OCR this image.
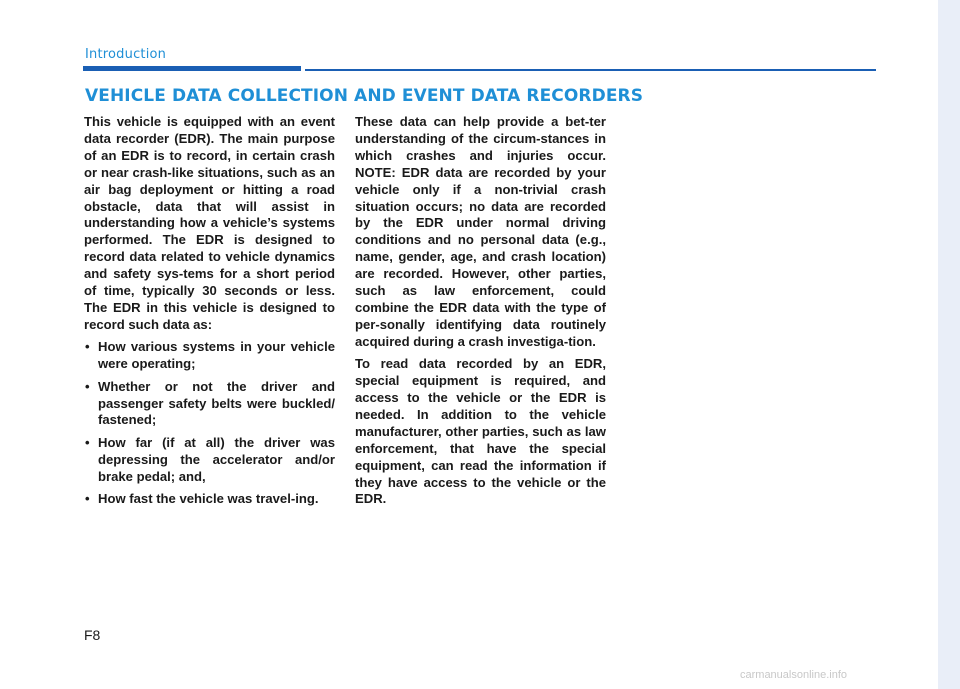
Introduction
VEHICLE DATA COLLECTION AND EVENT DATA RECORDERS

This vehicle is equipped with an event data recorder (EDR). The main purpose of an EDR is to record, in certain crash or near crash-like situations, such as an air bag deployment or hitting a road obstacle, data that will assist in understanding how a vehicle’s systems performed. The EDR is designed to record data related to vehicle dynamics and safety sys-tems for a short period of time, typically 30 seconds or less. The EDR in this vehicle is designed to record such data as:

• How various systems in your vehicle were operating;
• Whether or not the driver and passenger safety belts were buckled/ fastened;
• How far (if at all) the driver was depressing the accelerator and/or brake pedal; and,
• How fast the vehicle was travel-ing.

These data can help provide a bet-ter understanding of the circum-stances in which crashes and injuries occur. NOTE: EDR data are recorded by your vehicle only if a non-trivial crash situation occurs; no data are recorded by the EDR under normal driving conditions and no personal data (e.g., name, gender, age, and crash location) are recorded. However, other parties, such as law enforcement, could combine the EDR data with the type of per-sonally identifying data routinely acquired during a crash investiga-tion.

To read data recorded by an EDR, special equipment is required, and access to the vehicle or the EDR is needed. In addition to the vehicle manufacturer, other parties, such as law enforcement, that have the special equipment, can read the information if they have access to the vehicle or the EDR.

F8
carmanualsonline.info
